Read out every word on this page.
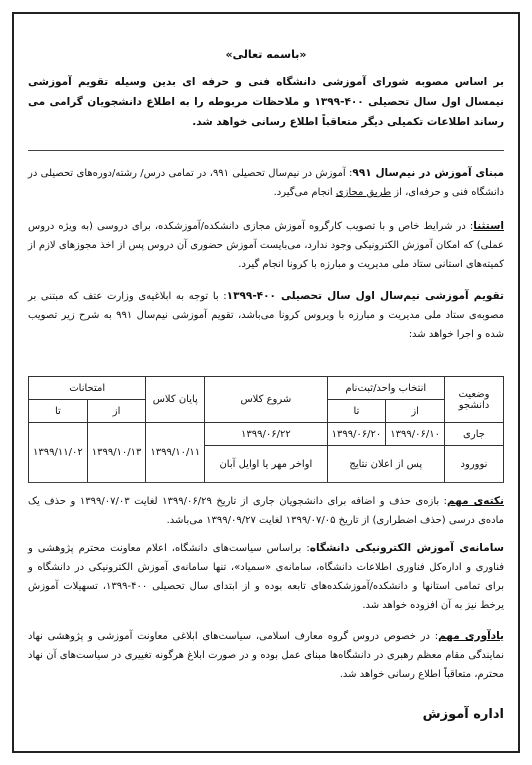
«باسمه تعالی»
بر اساس مصوبه شورای آموزشی دانشگاه فنی و حرفه ای بدین وسیله تقویم آموزشی نیمسال اول سال تحصیلی ۴۰۰-۱۳۹۹ و ملاحظات مربوطه را به اطلاع دانشجویان گرامی می رساند اطلاعات تکمیلی دیگر متعاقباً اطلاع رسانی خواهد شد.
مبنای آموزش در نیم‌سال ۹۹۱: آموزش در نیم‌سال تحصیلی ۹۹۱، در تمامی درس/ رشته/دوره‌های تحصیلی در دانشگاه فنی و حرفه‌ای، از طریق مجازی انجام می‌گیرد.
استثنا: در شرایط خاص و با تصویب کارگروه آموزش مجازی دانشکده/آموزشکده، برای دروسی (به ویژه دروس عملی) که امکان آموزش الکترونیکی وجود ندارد، می‌بایست آموزش حضوری آن دروس پس از اخذ مجوزهای لازم از کمیته‌های استانی ستاد ملی مدیریت و مبارزه با کرونا انجام گیرد.
تقویم آموزشی نیم‌سال اول سال تحصیلی ۴۰۰-۱۳۹۹: با توجه به ابلاغیه‌ی وزارت عتف که مبتنی بر مصوبه‌ی ستاد ملی مدیریت و مبارزه با ویروس کرونا می‌باشد، تقویم آموزشی نیم‌سال ۹۹۱ به شرح زیر تصویب شده و اجرا خواهد شد:
وضعیت دانشجو	انتخاب واحد/ثبت‌نام		شروع کلاس	پایان کلاس	امتحانات	
	از	تا			از	تا
جاری	۱۳۹۹/۰۶/۱۰	۱۳۹۹/۰۶/۲۰	۱۳۹۹/۰۶/۲۲	۱۳۹۹/۱۰/۱۱	۱۳۹۹/۱۰/۱۳	۱۳۹۹/۱۱/۰۲
نوورود	پس از اعلان نتایج		اواخر مهر یا اوایل آبان			
نکته‌ی مهم: بازه‌ی حذف و اضافه برای دانشجویان جاری از تاریخ ۱۳۹۹/۰۶/۲۹ لغایت ۱۳۹۹/۰۷/۰۳ و حذف یک ماده‌ی درسی (حذف اضطراری) از تاریخ ۱۳۹۹/۰۷/۰۵ لغایت ۱۳۹۹/۰۹/۲۷ می‌باشد.
سامانه‌ی آموزش الکترونیکی دانشگاه: براساس سیاست‌های دانشگاه، اعلام معاونت محترم پژوهشی و فناوری و اداره‌کل فناوری اطلاعات دانشگاه، سامانه‌ی «سمیاد»، تنها سامانه‌ی آموزش الکترونیکی در دانشگاه و برای تمامی استانها و دانشکده/آموزشکده‌های تابعه بوده و از ابتدای سال تحصیلی ۴۰۰-۱۳۹۹، تسهیلات آموزش یرخط نیز به آن افزوده خواهد شد.
یادآوری مهم: در خصوص دروس گروه معارف اسلامی، سیاست‌های ابلاغی معاونت آموزشی و پژوهشی نهاد نمایندگی مقام معظم رهبری در دانشگاه‌ها مبنای عمل بوده و در صورت ابلاغ هرگونه تغییری در سیاست‌های آن نهاد محترم، متعاقباً اطلاع رسانی خواهد شد.
اداره آموزش
